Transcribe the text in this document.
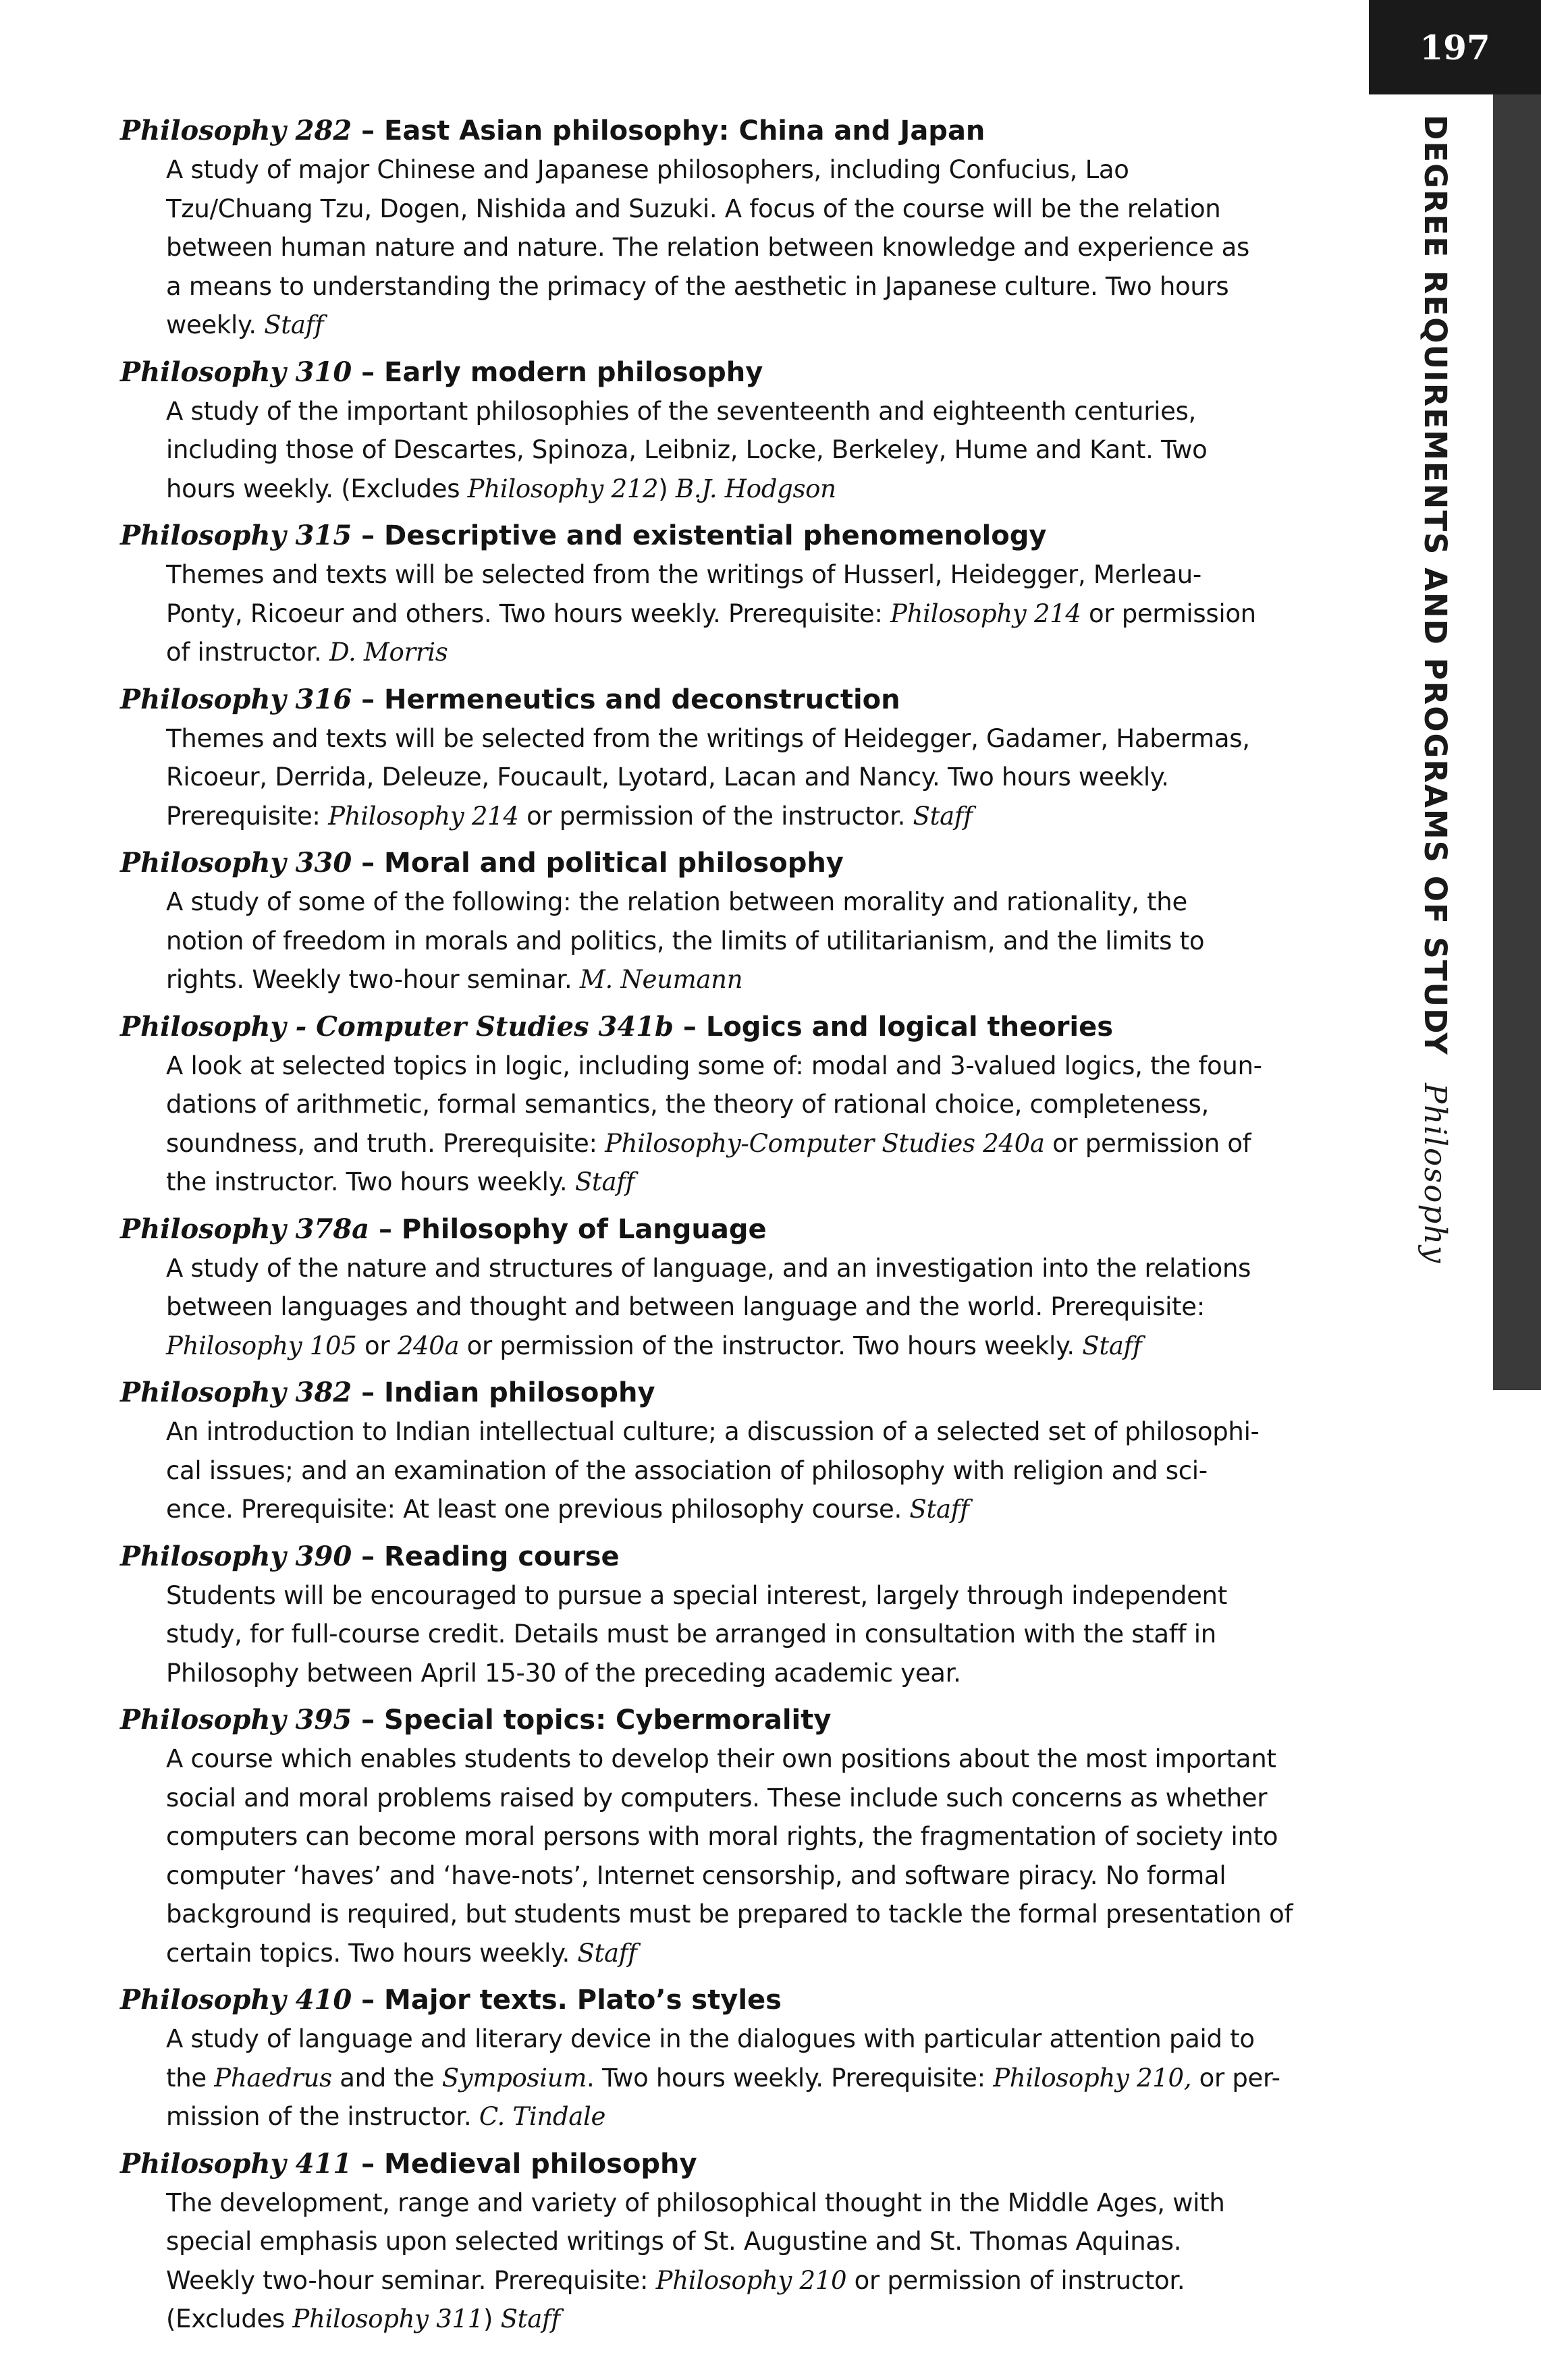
197
DEGREE REQUIREMENTS AND PROGRAMS OF STUDYPhilosophy
Philosophy 282 – East Asian philosophy: China and Japan
A study of major Chinese and Japanese philosophers, including Confucius, Lao
Tzu/Chuang Tzu, Dogen, Nishida and Suzuki. A focus of the course will be the relation
between human nature and nature. The relation between knowledge and experience as
a means to understanding the primacy of the aesthetic in Japanese culture. Two hours
weekly. Staff
Philosophy 310 – Early modern philosophy
A study of the important philosophies of the seventeenth and eighteenth centuries,
including those of Descartes, Spinoza, Leibniz, Locke, Berkeley, Hume and Kant. Two
hours weekly. (Excludes Philosophy 212) B.J. Hodgson
Philosophy 315 – Descriptive and existential phenomenology
Themes and texts will be selected from the writings of Husserl, Heidegger, Merleau-
Ponty, Ricoeur and others. Two hours weekly. Prerequisite: Philosophy 214 or permission
of instructor. D. Morris
Philosophy 316 – Hermeneutics and deconstruction
Themes and texts will be selected from the writings of Heidegger, Gadamer, Habermas,
Ricoeur, Derrida, Deleuze, Foucault, Lyotard, Lacan and Nancy. Two hours weekly.
Prerequisite: Philosophy 214 or permission of the instructor. Staff
Philosophy 330 – Moral and political philosophy
A study of some of the following: the relation between morality and rationality, the
notion of freedom in morals and politics, the limits of utilitarianism, and the limits to
rights. Weekly two-hour seminar. M. Neumann
Philosophy - Computer Studies 341b – Logics and logical theories
A look at selected topics in logic, including some of: modal and 3-valued logics, the foun-
dations of arithmetic, formal semantics, the theory of rational choice, completeness,
soundness, and truth. Prerequisite: Philosophy-Computer Studies 240a or permission of
the instructor. Two hours weekly. Staff
Philosophy 378a – Philosophy of Language
A study of the nature and structures of language, and an investigation into the relations
between languages and thought and between language and the world. Prerequisite:
Philosophy 105 or 240a or permission of the instructor. Two hours weekly. Staff
Philosophy 382 – Indian philosophy
An introduction to Indian intellectual culture; a discussion of a selected set of philosophi-
cal issues; and an examination of the association of philosophy with religion and sci-
ence. Prerequisite: At least one previous philosophy course. Staff
Philosophy 390 – Reading course
Students will be encouraged to pursue a special interest, largely through independent
study, for full-course credit. Details must be arranged in consultation with the staff in
Philosophy between April 15-30 of the preceding academic year.
Philosophy 395 – Special topics: Cybermorality
A course which enables students to develop their own positions about the most important
social and moral problems raised by computers. These include such concerns as whether
computers can become moral persons with moral rights, the fragmentation of society into
computer ‘haves’ and ‘have-nots’, Internet censorship, and software piracy. No formal
background is required, but students must be prepared to tackle the formal presentation of
certain topics. Two hours weekly. Staff
Philosophy 410 – Major texts. Plato’s styles
A study of language and literary device in the dialogues with particular attention paid to
the Phaedrus and the Symposium. Two hours weekly. Prerequisite: Philosophy 210, or per-
mission of the instructor. C. Tindale
Philosophy 411 – Medieval philosophy
The development, range and variety of philosophical thought in the Middle Ages, with
special emphasis upon selected writings of St. Augustine and St. Thomas Aquinas.
Weekly two-hour seminar. Prerequisite: Philosophy 210 or permission of instructor.
(Excludes Philosophy 311) Staff
